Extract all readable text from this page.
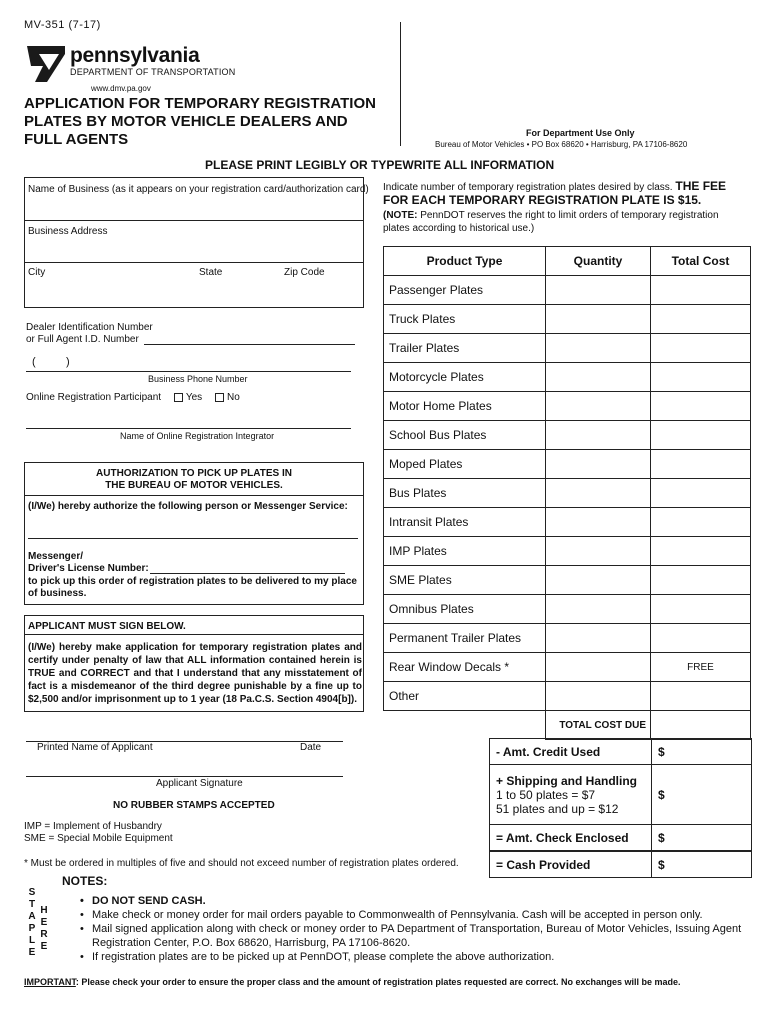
MV-351 (7-17)
pennsylvania
DEPARTMENT OF TRANSPORTATION
www.dmv.pa.gov
APPLICATION FOR TEMPORARY REGISTRATION
PLATES BY MOTOR VEHICLE DEALERS AND
FULL AGENTS	For Department Use Only
Bureau of Motor Vehicles • PO Box 68620 • Harrisburg, PA 17106-8620
PLEASE PRINT LEGIBLY OR TYPEWRITE ALL INFORMATION
Name of Business (as it appears on your registration card/authorization card)
Business Address
City	State	Zip Code
Dealer Identification Number
or Full Agent I.D. Number
(	)
Business Phone Number
Online Registration Participant Yes No
Name of Online Registration Integrator
AUTHORIZATION TO PICK UP PLATES IN
THE BUREAU OF MOTOR VEHICLES.
(I/We) hereby authorize the following person or Messenger Service:
Messenger/
Driver's License Number:
to pick up this order of registration plates to be delivered to my place of business.
APPLICANT MUST SIGN BELOW.
(I/We) hereby make application for temporary registration plates and certify under penalty of law that ALL information contained herein is TRUE and CORRECT and that I understand that any misstatement of fact is a misdemeanor of the third degree punishable by a fine up to $2,500 and/or imprisonment up to 1 year (18 Pa.C.S. Section 4904[b]).
Printed Name of Applicant	Date
Applicant Signature
NO RUBBER STAMPS ACCEPTED
IMP = Implement of Husbandry
SME = Special Mobile Equipment
* Must be ordered in multiples of five and should not exceed number of registration plates ordered.
Indicate number of temporary registration plates desired by class. THE FEE FOR EACH TEMPORARY REGISTRATION PLATE IS $15.
(NOTE: PennDOT reserves the right to limit orders of temporary registration plates according to historical use.)
Product Type	Quantity	Total Cost
Passenger Plates		
Truck Plates		
Trailer Plates		
Motorcycle Plates		
Motor Home Plates		
School Bus Plates		
Moped Plates		
Bus Plates		
Intransit Plates		
IMP Plates		
SME Plates		
Omnibus Plates		
Permanent Trailer Plates		
Rear Window Decals *		FREE
Other		
	TOTAL COST DUE	
- Amt. Credit Used	$
+ Shipping and Handling
1 to 50 plates = $7
51 plates and up = $12
	$
= Amt. Check Enclosed	$
= Cash Provided	$
S
T
A
P
L
E
H
E
R
E
NOTES:
• DO NOT SEND CASH.
• Make check or money order for mail orders payable to Commonwealth of Pennsylvania. Cash will be accepted in person only.
• Mail signed application along with check or money order to PA Department of Transportation, Bureau of Motor Vehicles, Issuing Agent Registration Center, P.O. Box 68620, Harrisburg, PA 17106-8620.
• If registration plates are to be picked up at PennDOT, please complete the above authorization.
IMPORTANT: Please check your order to ensure the proper class and the amount of registration plates requested are correct. No exchanges will be made.
